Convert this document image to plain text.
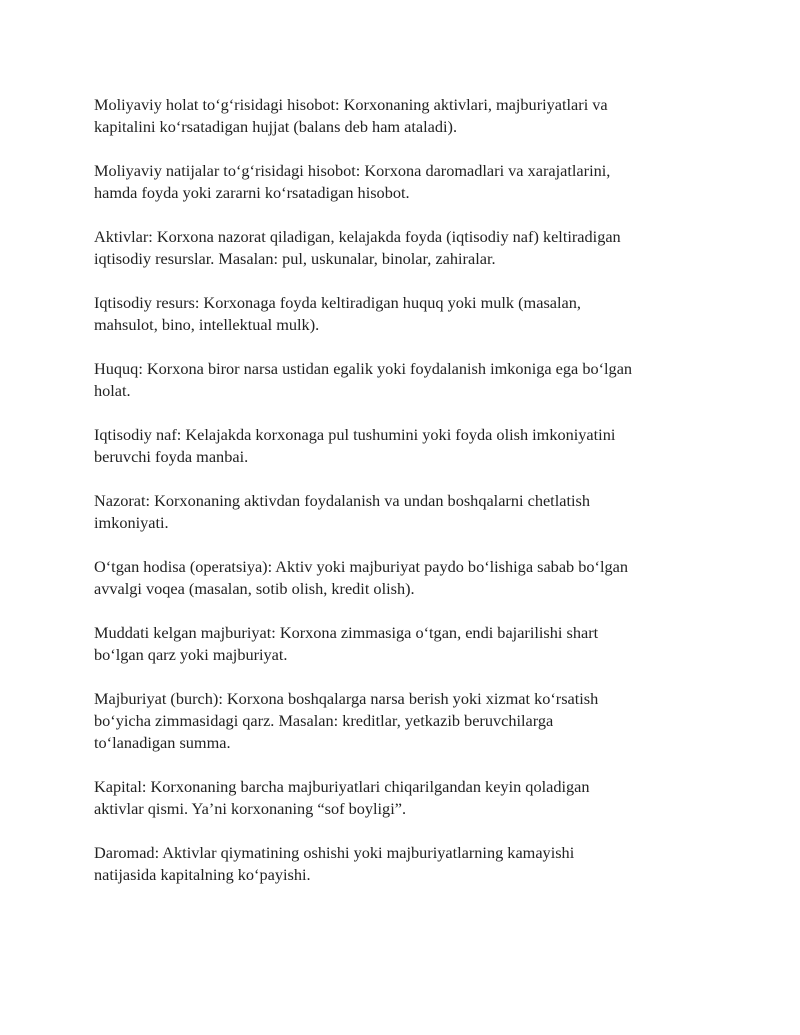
Moliyaviy holat to‘g‘risidagi hisobot: Korxonaning aktivlari, majburiyatlari va
kapitalini ko‘rsatadigan hujjat (balans deb ham ataladi).

Moliyaviy natijalar to‘g‘risidagi hisobot: Korxona daromadlari va xarajatlarini,
hamda foyda yoki zararni ko‘rsatadigan hisobot.

Aktivlar: Korxona nazorat qiladigan, kelajakda foyda (iqtisodiy naf) keltiradigan
iqtisodiy resurslar. Masalan: pul, uskunalar, binolar, zahiralar.

Iqtisodiy resurs: Korxonaga foyda keltiradigan huquq yoki mulk (masalan,
mahsulot, bino, intellektual mulk).

Huquq: Korxona biror narsa ustidan egalik yoki foydalanish imkoniga ega bo‘lgan
holat.

Iqtisodiy naf: Kelajakda korxonaga pul tushumini yoki foyda olish imkoniyatini
beruvchi foyda manbai.

Nazorat: Korxonaning aktivdan foydalanish va undan boshqalarni chetlatish
imkoniyati.

O‘tgan hodisa (operatsiya): Aktiv yoki majburiyat paydo bo‘lishiga sabab bo‘lgan
avvalgi voqea (masalan, sotib olish, kredit olish).

Muddati kelgan majburiyat: Korxona zimmasiga o‘tgan, endi bajarilishi shart
bo‘lgan qarz yoki majburiyat.

Majburiyat (burch): Korxona boshqalarga narsa berish yoki xizmat ko‘rsatish
bo‘yicha zimmasidagi qarz. Masalan: kreditlar, yetkazib beruvchilarga
to‘lanadigan summa.

Kapital: Korxonaning barcha majburiyatlari chiqarilgandan keyin qoladigan
aktivlar qismi. Ya’ni korxonaning “sof boyligi”.

Daromad: Aktivlar qiymatining oshishi yoki majburiyatlarning kamayishi
natijasida kapitalning ko‘payishi.
